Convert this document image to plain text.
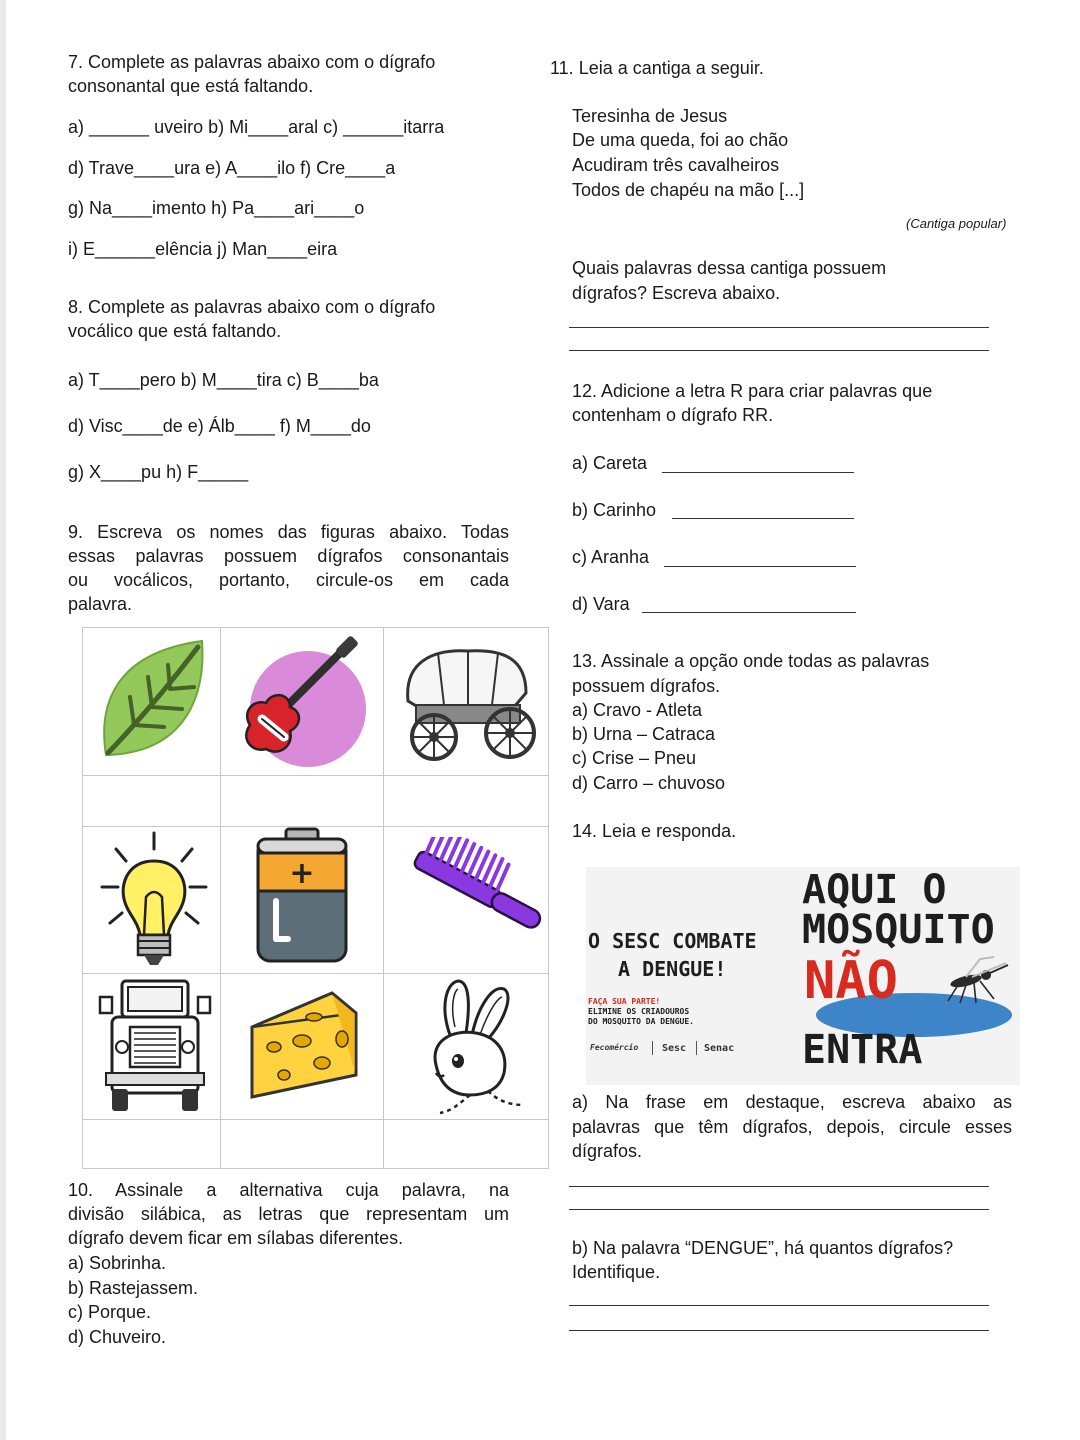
7. Complete as palavras abaixo com o dígrafo
consonantal que está faltando.
a) ______ uveiro b) Mi____aral c) ______itarra
d) Trave____ura e) A____ilo f) Cre____a
g) Na____imento h) Pa____ari____o
i) E______elência j) Man____eira
8. Complete as palavras abaixo com o dígrafo
vocálico que está faltando.
a) T____pero b) M____tira c) B____ba
d) Visc____de e) Álb____ f) M____do
g) X____pu h) F_____
9. Escreva os nomes das figuras abaixo. Todas
essas palavras possuem dígrafos consonantais
ou vocálicos, portanto, circule-os em cada
palavra.
+
10. Assinale a alternativa cuja palavra, na
divisão silábica, as letras que representam um
dígrafo devem ficar em sílabas diferentes.
a) Sobrinha.
b) Rastejassem.
c) Porque.
d) Chuveiro.
11. Leia a cantiga a seguir.
Teresinha de Jesus
De uma queda, foi ao chão
Acudiram três cavalheiros
Todos de chapéu na mão [...]
(Cantiga popular)
Quais palavras dessa cantiga possuem
dígrafos? Escreva abaixo.
12. Adicione a letra R para criar palavras que
contenham o dígrafo RR.
a) Careta
b) Carinho
c) Aranha
d) Vara
13. Assinale a opção onde todas as palavras
possuem dígrafos.
a) Cravo - Atleta
b) Urna – Catraca
c) Crise – Pneu
d) Carro – chuvoso
14. Leia e responda.
O SESC COMBATE
A DENGUE!
FAÇA SUA PARTE!
ELIMINE OS CRIADOUROS
DO MOSQUITO DA DENGUE.
Fecomércio Sesc Senac
AQUI O
MOSQUITO
NÃO
ENTRA
a) Na frase em destaque, escreva abaixo as
palavras que têm dígrafos, depois, circule esses
dígrafos.
b) Na palavra “DENGUE”, há quantos dígrafos?
Identifique.
